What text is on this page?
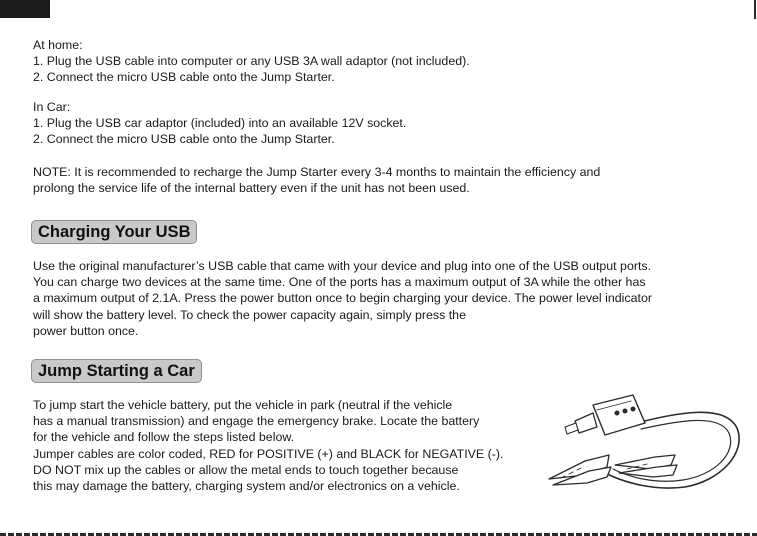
At home:
1. Plug the USB cable into computer or any USB 3A wall adaptor (not included).
2. Connect the micro USB cable onto the Jump Starter.
In Car:
1. Plug the USB car adaptor (included) into an available 12V socket.
2. Connect the micro USB cable onto the Jump Starter.
NOTE: It is recommended to recharge the Jump Starter every 3-4 months to maintain the efficiency and
prolong the service life of the internal battery even if the unit has not been used.
Charging Your USB
Use the original manufacturer’s USB cable that came with your device and plug into one of the USB output ports.
You can charge two devices at the same time. One of the ports has a maximum output of 3A while the other has
a maximum output of 2.1A. Press the power button once to begin charging your device. The power level indicator
will show the battery level. To check the power capacity again, simply press the
power button once.
Jump Starting a Car
To jump start the vehicle battery, put the vehicle in park (neutral if the vehicle
has a manual transmission) and engage the emergency brake. Locate the battery
for the vehicle and follow the steps listed below.
Jumper cables are color coded, RED for POSITIVE (+) and BLACK for NEGATIVE (-).
DO NOT mix up the cables or allow the metal ends to touch together because
this may damage the battery, charging system and/or electronics on a vehicle.
